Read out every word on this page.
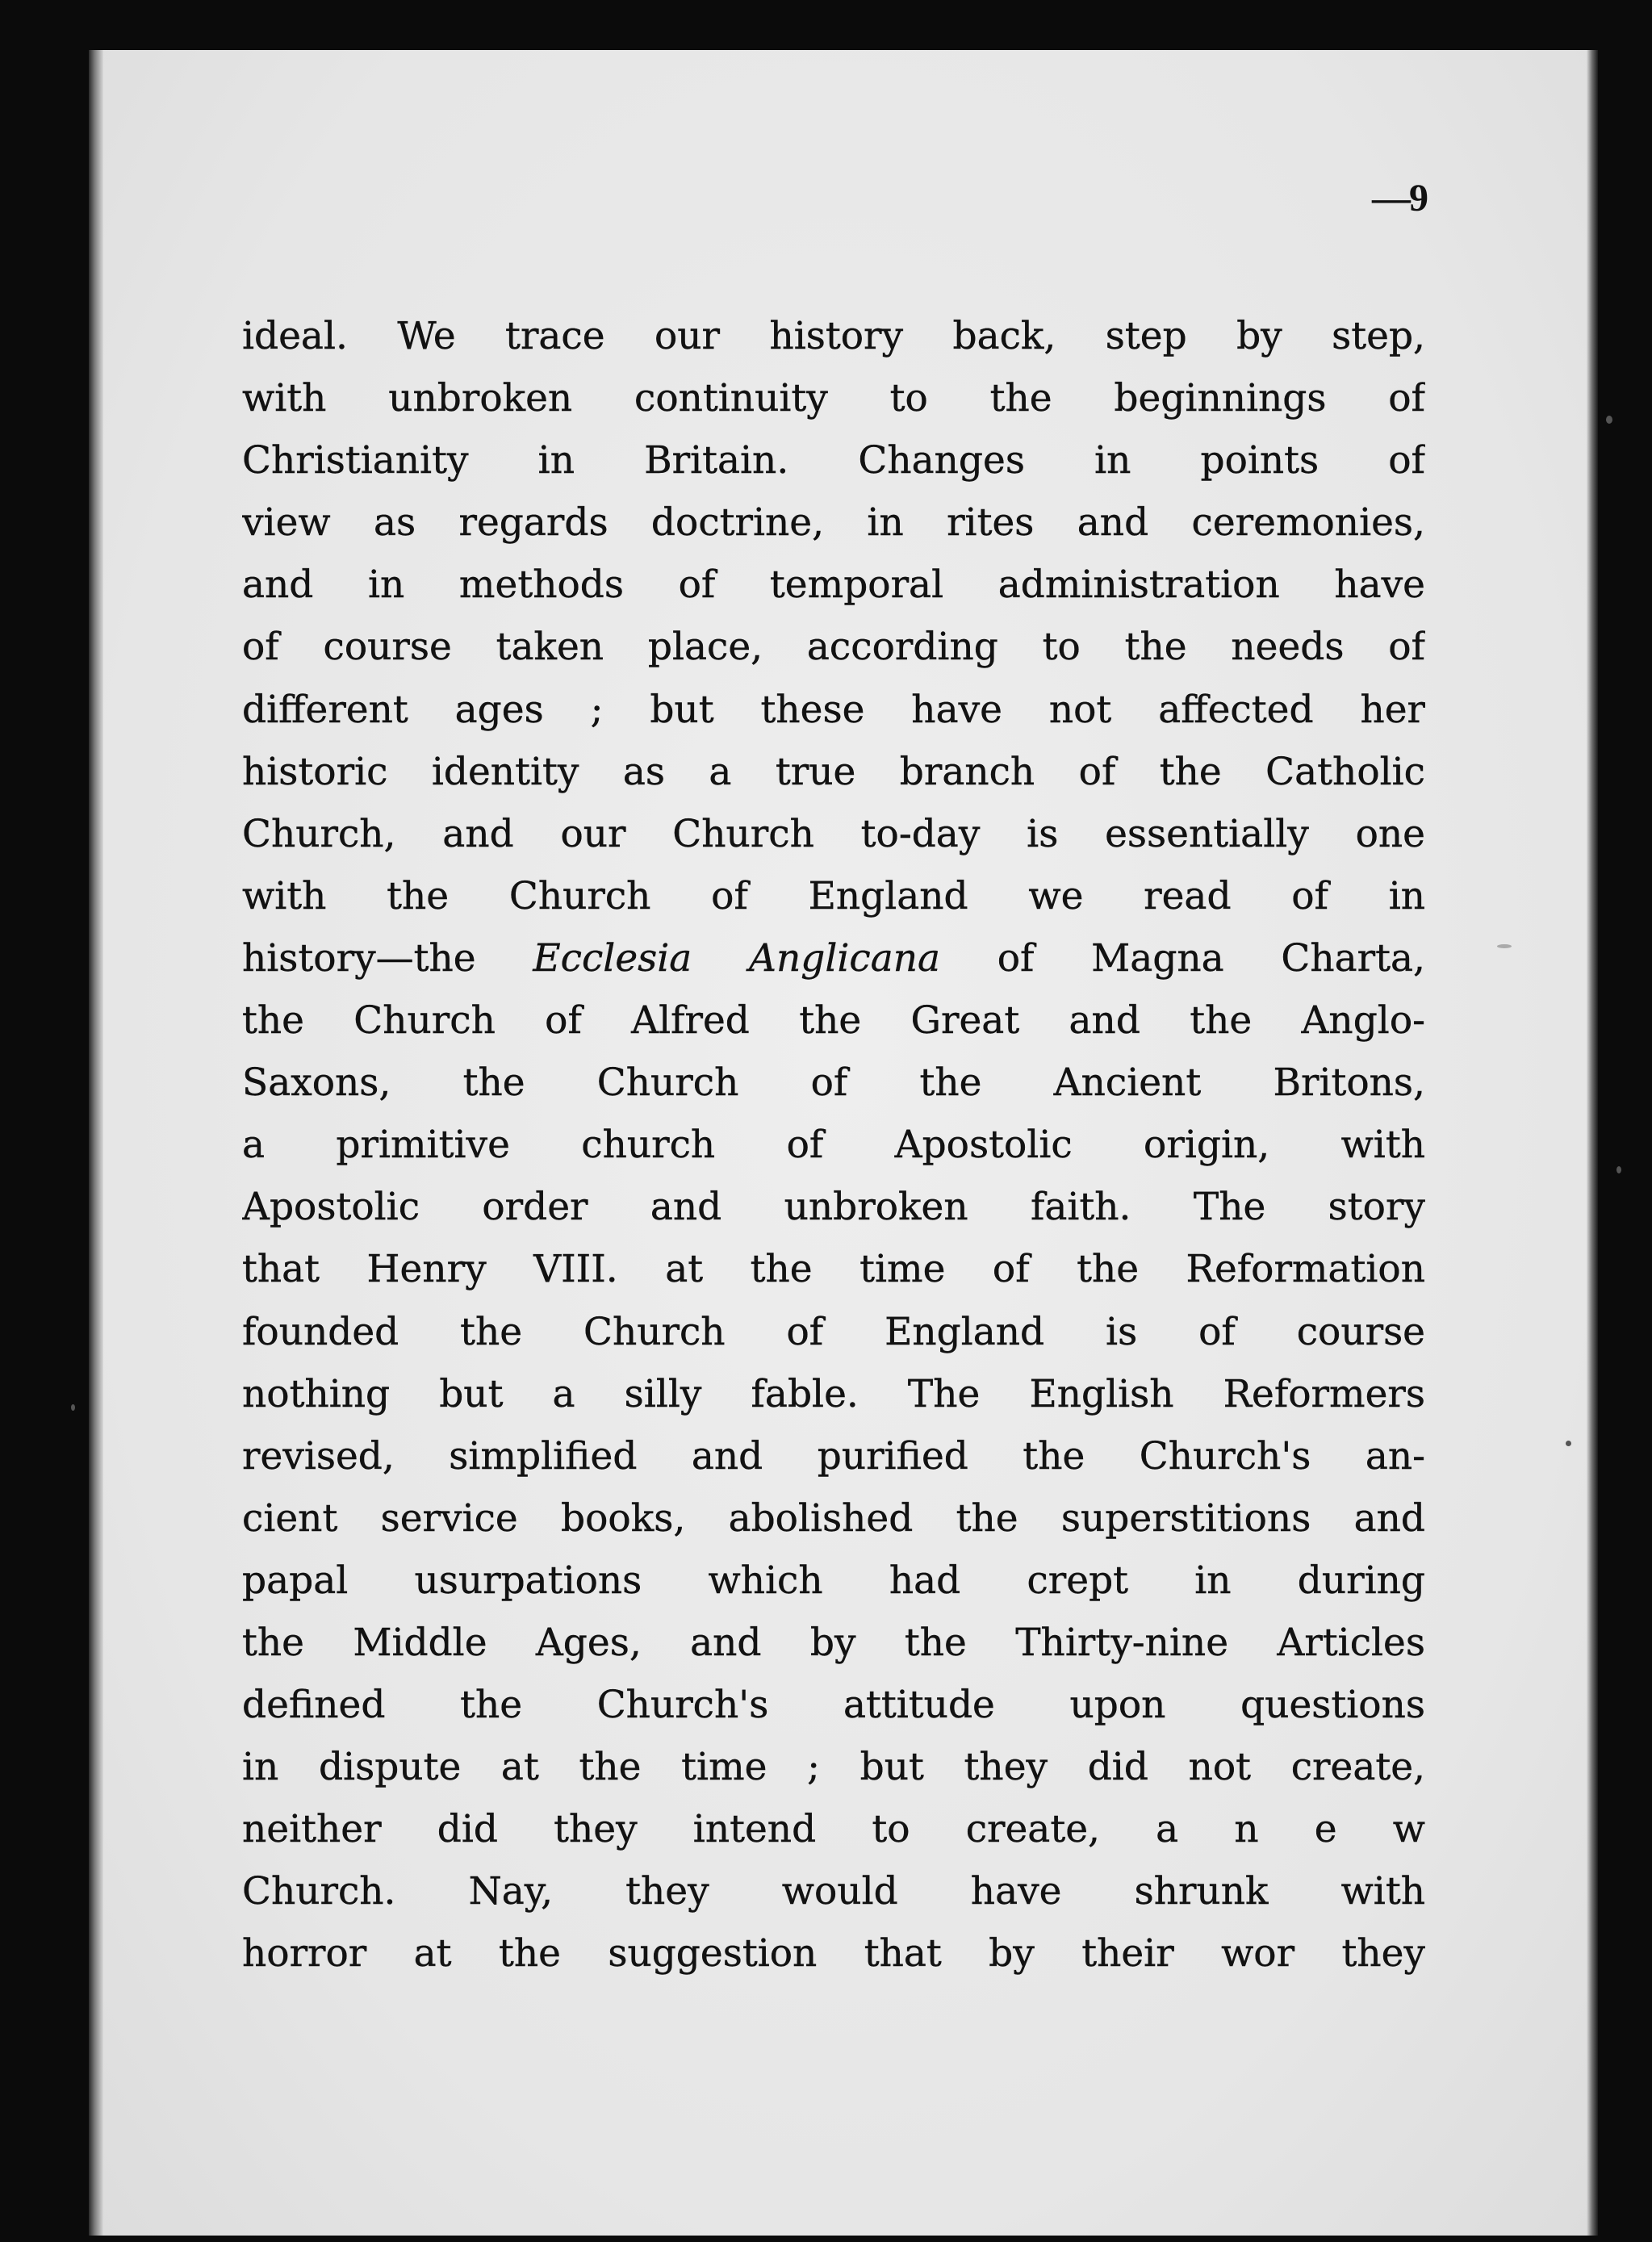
—9
ideal. We trace our history back, step by step,
with unbroken continuity to the beginnings of
Christianity in Britain. Changes in points of
view as regards doctrine, in rites and ceremonies,
and in methods of temporal administration have
of course taken place, according to the needs of
different ages ; but these have not affected her
historic identity as a true branch of the Catholic
Church, and our Church to-day is essentially one
with the Church of England we read of in
history—the Ecclesia Anglicana of Magna Charta,
the Church of Alfred the Great and the Anglo-
Saxons, the Church of the Ancient Britons,
a primitive church of Apostolic origin, with
Apostolic order and unbroken faith. The story
that Henry VIII. at the time of the Reformation
founded the Church of England is of course
nothing but a silly fable. The English Reformers
revised, simplified and purified the Church's an-
cient service books, abolished the superstitions and
papal usurpations which had crept in during
the Middle Ages, and by the Thirty-nine Articles
defined the Church's attitude upon questions
in dispute at the time ; but they did not create,
neither did they intend to create, a n e w
Church. Nay, they would have shrunk with
horror at the suggestion that by their wor they
